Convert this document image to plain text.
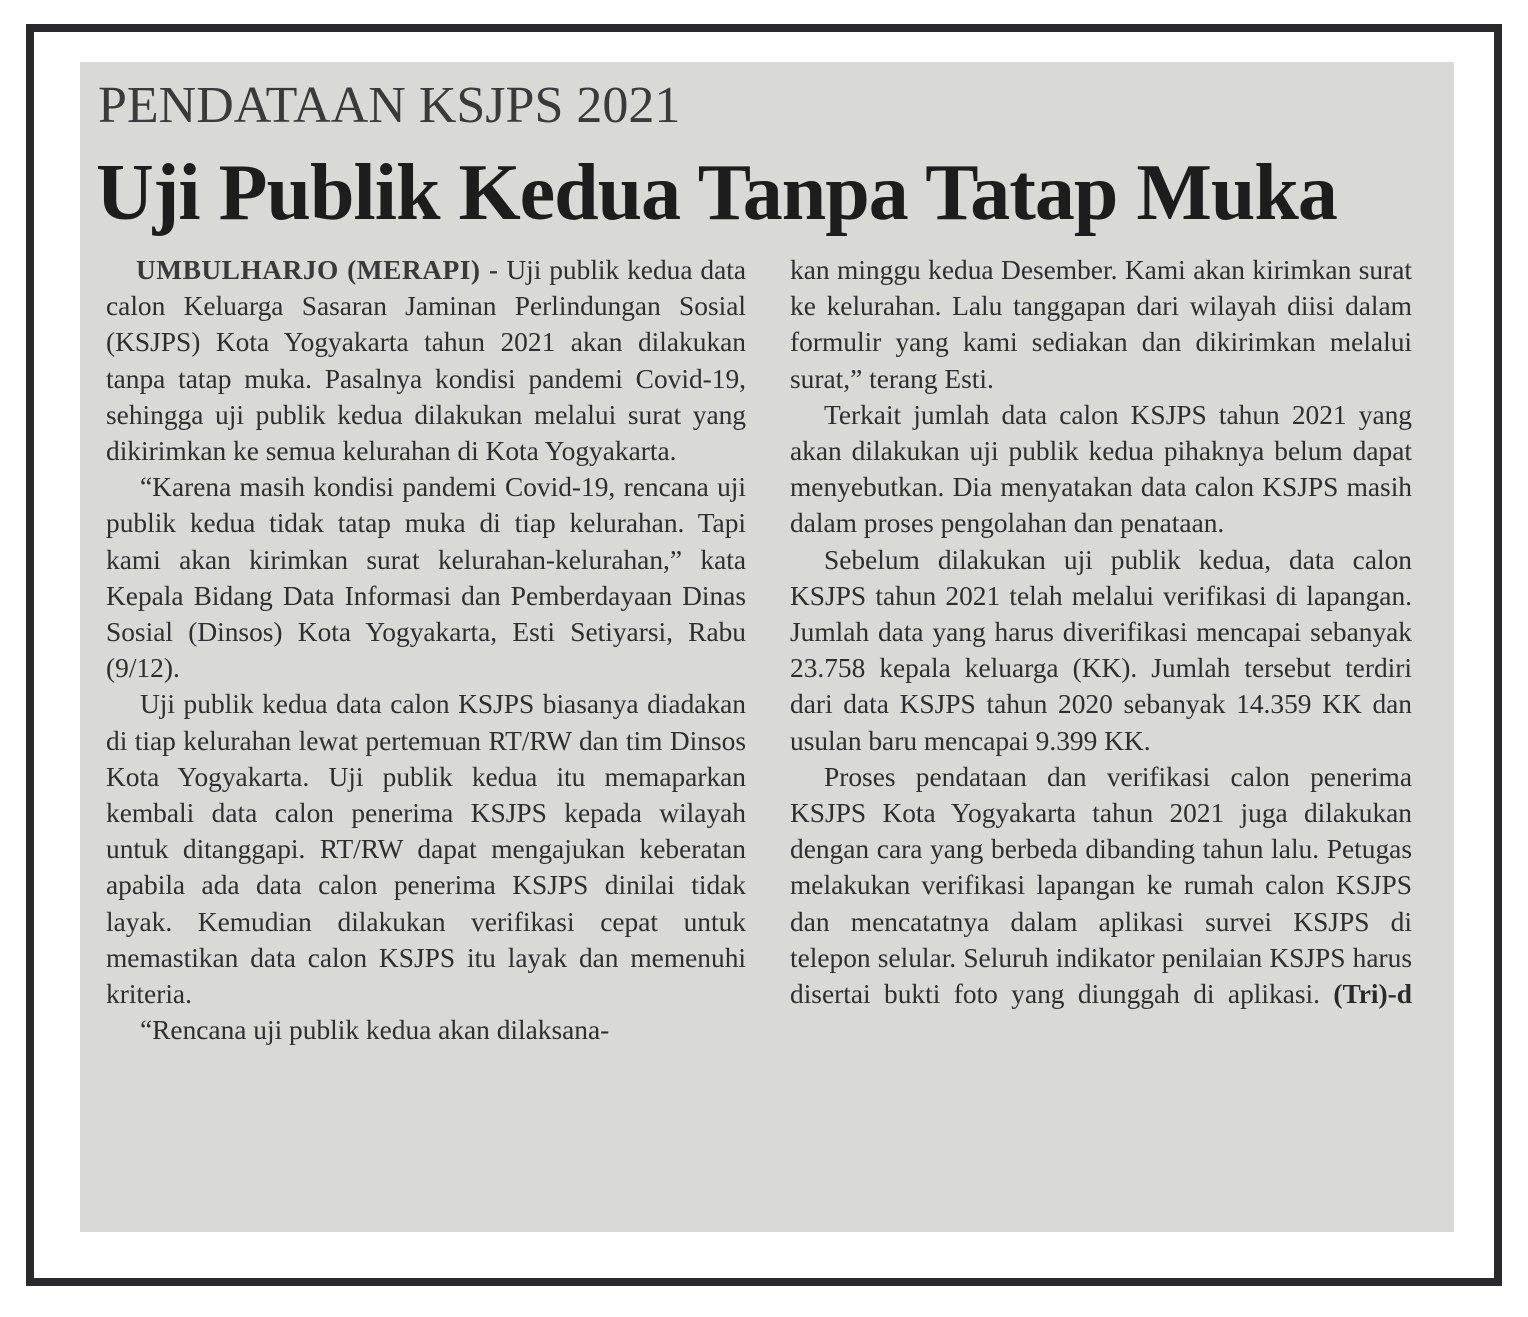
PENDATAAN KSJPS 2021
Uji Publik Kedua Tanpa Tatap Muka

UMBULHARJO (MERAPI) - Uji publik kedua data calon Keluarga Sasaran Jaminan Perlindungan Sosial (KSJPS) Kota Yogyakarta tahun 2021 akan dilakukan tanpa tatap muka. Pasalnya kondisi pandemi Covid-19, sehingga uji publik kedua dilakukan melalui surat yang dikirimkan ke semua kelurahan di Kota Yogyakarta.

“Karena masih kondisi pandemi Covid-19, rencana uji publik kedua tidak tatap muka di tiap kelurahan. Tapi kami akan kirimkan surat kelurahan-kelurahan,” kata Kepala Bidang Data Informasi dan Pemberdayaan Dinas Sosial (Dinsos) Kota Yogyakarta, Esti Setiyarsi, Rabu (9/12).

Uji publik kedua data calon KSJPS biasanya diadakan di tiap kelurahan lewat pertemuan RT/RW dan tim Dinsos Kota Yogyakarta. Uji publik kedua itu memaparkan kembali data calon penerima KSJPS kepada wilayah untuk ditanggapi. RT/RW dapat mengajukan keberatan apabila ada data calon penerima KSJPS dinilai tidak layak. Kemudian dilakukan verifikasi cepat untuk memastikan data calon KSJPS itu layak dan memenuhi kriteria.

“Rencana uji publik kedua akan dilaksana-

kan minggu kedua Desember. Kami akan kirimkan surat ke kelurahan. Lalu tanggapan dari wilayah diisi dalam formulir yang kami sediakan dan dikirimkan melalui surat,” terang Esti.

Terkait jumlah data calon KSJPS tahun 2021 yang akan dilakukan uji publik kedua pihaknya belum dapat menyebutkan. Dia menyatakan data calon KSJPS masih dalam proses pengolahan dan penataan.

Sebelum dilakukan uji publik kedua, data calon KSJPS tahun 2021 telah melalui verifikasi di lapangan. Jumlah data yang harus diverifikasi mencapai sebanyak 23.758 kepala keluarga (KK). Jumlah tersebut terdiri dari data KSJPS tahun 2020 sebanyak 14.359 KK dan usulan baru mencapai 9.399 KK.

Proses pendataan dan verifikasi calon penerima KSJPS Kota Yogyakarta tahun 2021 juga dilakukan dengan cara yang berbeda dibanding tahun lalu. Petugas melakukan verifikasi lapangan ke rumah calon KSJPS dan mencatatnya dalam aplikasi survei KSJPS di telepon selular. Seluruh indikator penilaian KSJPS harus disertai bukti foto yang diunggah di aplikasi. (Tri)-d
